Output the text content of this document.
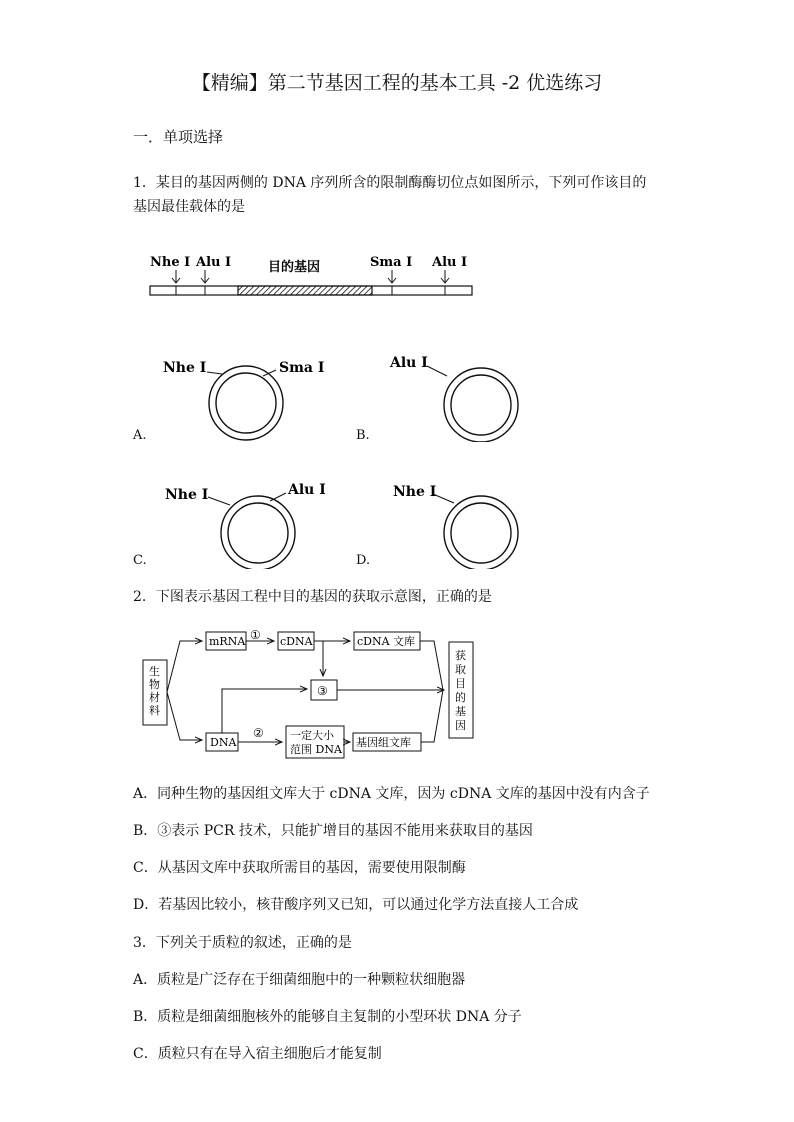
【精编】第二节基因工程的基本工具 -2 优选练习
一．单项选择
1．某目的基因两侧的 DNA 序列所含的限制酶酶切位点如图所示，下列可作该目的
基因最佳载体的是
Nhe Ⅰ Alu Ⅰ	目的基因	Sma Ⅰ Alu Ⅰ
Nhe Ⅰ	Sma Ⅰ
A.
Alu Ⅰ
B.
Nhe Ⅰ	Alu Ⅰ
C.
Nhe Ⅰ
D.
2．下图表示基因工程中目的基因的获取示意图，正确的是
生物材料
mRNA ① cDNA	cDNA 文库
③
DNA
② 一定大小
范围 DNA
基因组文库
获取目的基因
A．同种生物的基因组文库大于 cDNA 文库，因为 cDNA 文库的基因中没有内含子
B．③表示 PCR 技术，只能扩增目的基因不能用来获取目的基因
C．从基因文库中获取所需目的基因，需要使用限制酶
D．若基因比较小，核苷酸序列又已知，可以通过化学方法直接人工合成
3．下列关于质粒的叙述，正确的是
A．质粒是广泛存在于细菌细胞中的一种颗粒状细胞器
B．质粒是细菌细胞核外的能够自主复制的小型环状 DNA 分子
C．质粒只有在导入宿主细胞后才能复制
